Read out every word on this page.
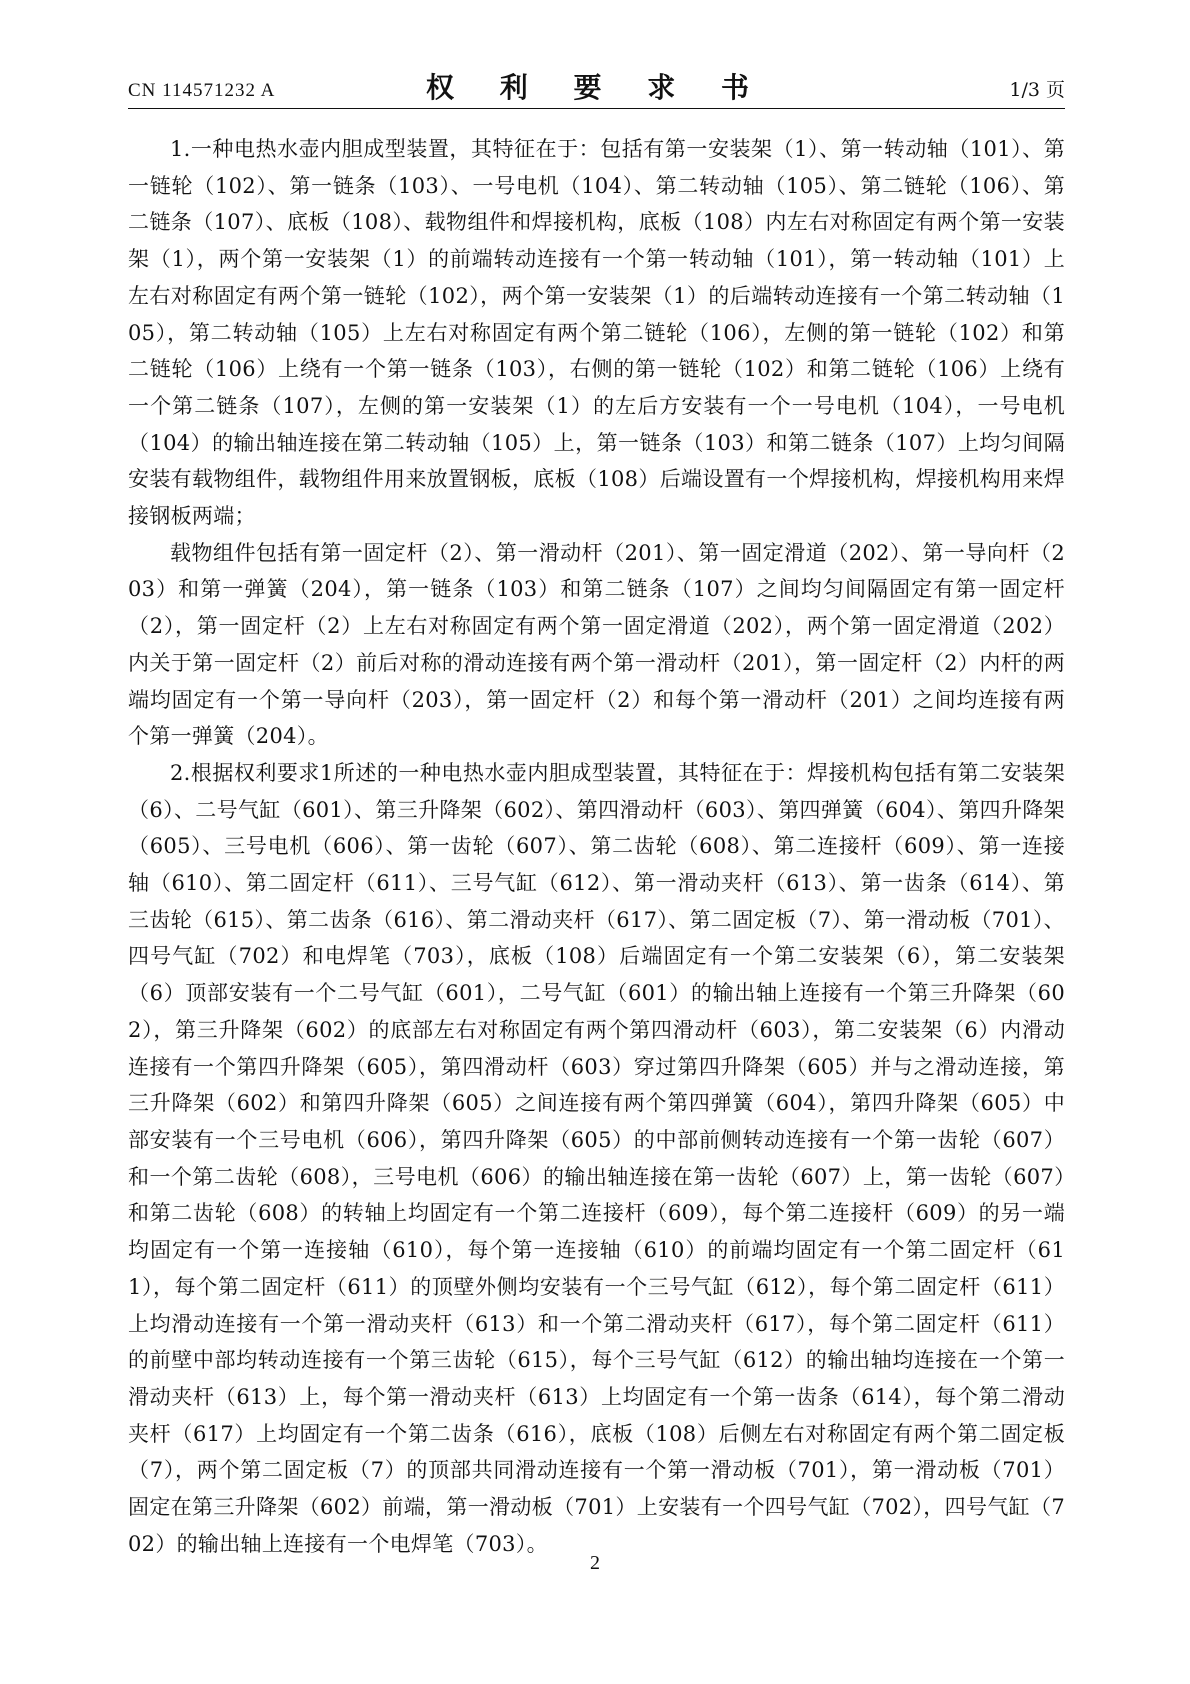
CN 114571232 A	权 利 要 求 书	1/3 页

1.一种电热水壶内胆成型装置，其特征在于：包括有第一安装架（1）、第一转动轴（101）、第一链轮（102）、第一链条（103）、一号电机（104）、第二转动轴（105）、第二链轮（106）、第二链条（107）、底板（108）、载物组件和焊接机构，底板（108）内左右对称固定有两个第一安装架（1），两个第一安装架（1）的前端转动连接有一个第一转动轴（101），第一转动轴（101）上左右对称固定有两个第一链轮（102），两个第一安装架（1）的后端转动连接有一个第二转动轴（105），第二转动轴（105）上左右对称固定有两个第二链轮（106），左侧的第一链轮（102）和第二链轮（106）上绕有一个第一链条（103），右侧的第一链轮（102）和第二链轮（106）上绕有一个第二链条（107），左侧的第一安装架（1）的左后方安装有一个一号电机（104），一号电机（104）的输出轴连接在第二转动轴（105）上，第一链条（103）和第二链条（107）上均匀间隔安装有载物组件，载物组件用来放置钢板，底板（108）后端设置有一个焊接机构，焊接机构用来焊接钢板两端；

载物组件包括有第一固定杆（2）、第一滑动杆（201）、第一固定滑道（202）、第一导向杆（203）和第一弹簧（204），第一链条（103）和第二链条（107）之间均匀间隔固定有第一固定杆（2），第一固定杆（2）上左右对称固定有两个第一固定滑道（202），两个第一固定滑道（202）内关于第一固定杆（2）前后对称的滑动连接有两个第一滑动杆（201），第一固定杆（2）内杆的两端均固定有一个第一导向杆（203），第一固定杆（2）和每个第一滑动杆（201）之间均连接有两个第一弹簧（204）。

2.根据权利要求1所述的一种电热水壶内胆成型装置，其特征在于：焊接机构包括有第二安装架（6）、二号气缸（601）、第三升降架（602）、第四滑动杆（603）、第四弹簧（604）、第四升降架（605）、三号电机（606）、第一齿轮（607）、第二齿轮（608）、第二连接杆（609）、第一连接轴（610）、第二固定杆（611）、三号气缸（612）、第一滑动夹杆（613）、第一齿条（614）、第三齿轮（615）、第二齿条（616）、第二滑动夹杆（617）、第二固定板（7）、第一滑动板（701）、四号气缸（702）和电焊笔（703），底板（108）后端固定有一个第二安装架（6），第二安装架（6）顶部安装有一个二号气缸（601），二号气缸（601）的输出轴上连接有一个第三升降架（602），第三升降架（602）的底部左右对称固定有两个第四滑动杆（603），第二安装架（6）内滑动连接有一个第四升降架（605），第四滑动杆（603）穿过第四升降架（605）并与之滑动连接，第三升降架（602）和第四升降架（605）之间连接有两个第四弹簧（604），第四升降架（605）中部安装有一个三号电机（606），第四升降架（605）的中部前侧转动连接有一个第一齿轮（607）和一个第二齿轮（608），三号电机（606）的输出轴连接在第一齿轮（607）上，第一齿轮（607）和第二齿轮（608）的转轴上均固定有一个第二连接杆（609），每个第二连接杆（609）的另一端均固定有一个第一连接轴（610），每个第一连接轴（610）的前端均固定有一个第二固定杆（611），每个第二固定杆（611）的顶壁外侧均安装有一个三号气缸（612），每个第二固定杆（611）上均滑动连接有一个第一滑动夹杆（613）和一个第二滑动夹杆（617），每个第二固定杆（611）的前壁中部均转动连接有一个第三齿轮（615），每个三号气缸（612）的输出轴均连接在一个第一滑动夹杆（613）上，每个第一滑动夹杆（613）上均固定有一个第一齿条（614），每个第二滑动夹杆（617）上均固定有一个第二齿条（616），底板（108）后侧左右对称固定有两个第二固定板（7），两个第二固定板（7）的顶部共同滑动连接有一个第一滑动板（701），第一滑动板（701）固定在第三升降架（602）前端，第一滑动板（701）上安装有一个四号气缸（702），四号气缸（702）的输出轴上连接有一个电焊笔（703）。

2
